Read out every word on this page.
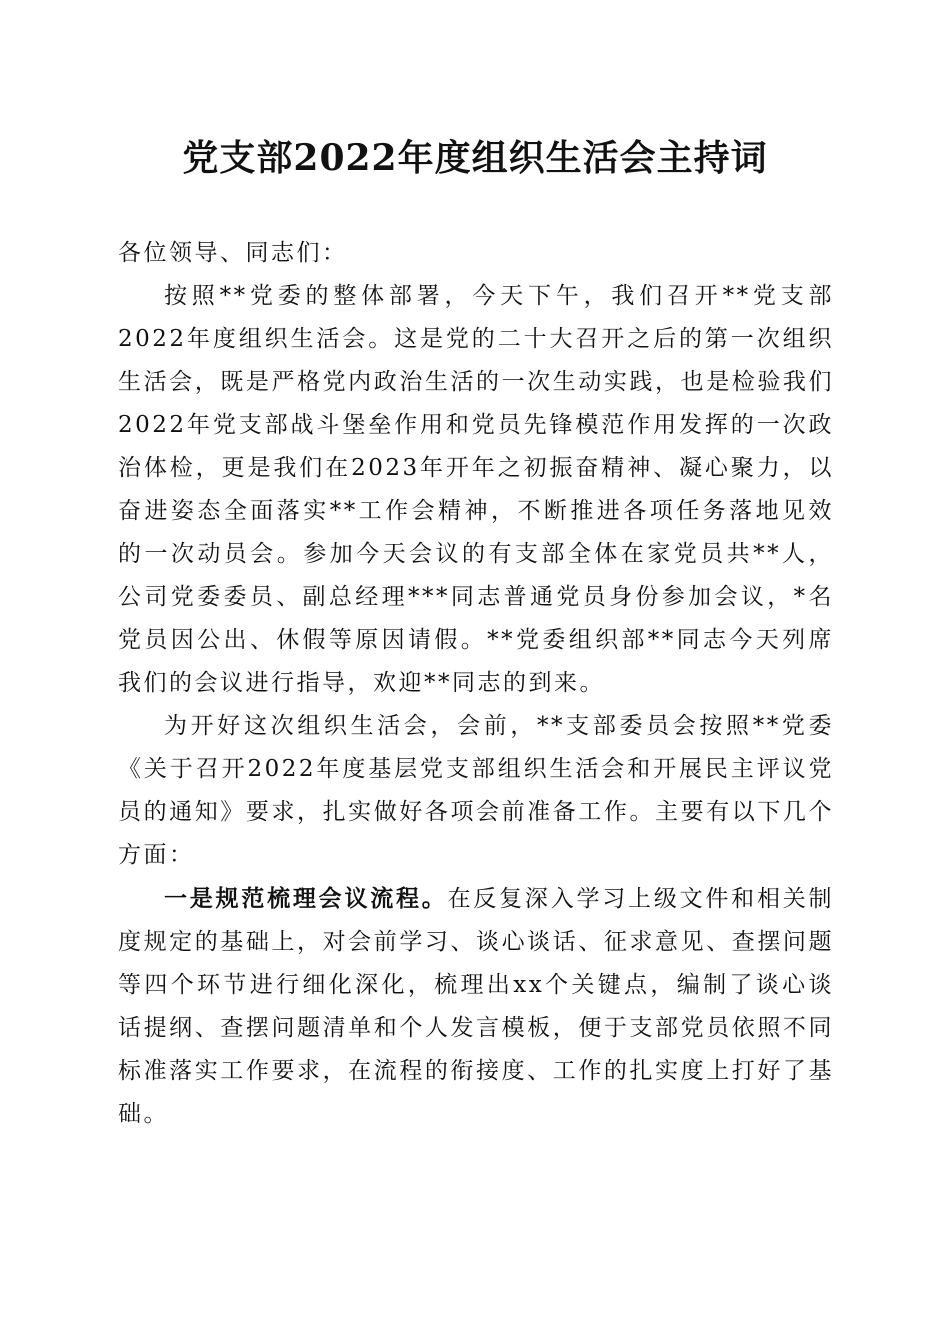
党支部2022年度组织生活会主持词

各位领导、同志们：

按照**党委的整体部署，今天下午，我们召开**党支部2022年度组织生活会。这是党的二十大召开之后的第一次组织生活会，既是严格党内政治生活的一次生动实践，也是检验我们2022年党支部战斗堡垒作用和党员先锋模范作用发挥的一次政治体检，更是我们在2023年开年之初振奋精神、凝心聚力，以奋进姿态全面落实**工作会精神，不断推进各项任务落地见效的一次动员会。参加今天会议的有支部全体在家党员共**人，公司党委委员、副总经理***同志普通党员身份参加会议，*名党员因公出、休假等原因请假。**党委组织部**同志今天列席我们的会议进行指导，欢迎**同志的到来。

为开好这次组织生活会，会前，**支部委员会按照**党委《关于召开2022年度基层党支部组织生活会和开展民主评议党员的通知》要求，扎实做好各项会前准备工作。主要有以下几个方面：

一是规范梳理会议流程。在反复深入学习上级文件和相关制度规定的基础上，对会前学习、谈心谈话、征求意见、查摆问题等四个环节进行细化深化，梳理出xx个关键点，编制了谈心谈话提纲、查摆问题清单和个人发言模板，便于支部党员依照不同标准落实工作要求，在流程的衔接度、工作的扎实度上打好了基础。
